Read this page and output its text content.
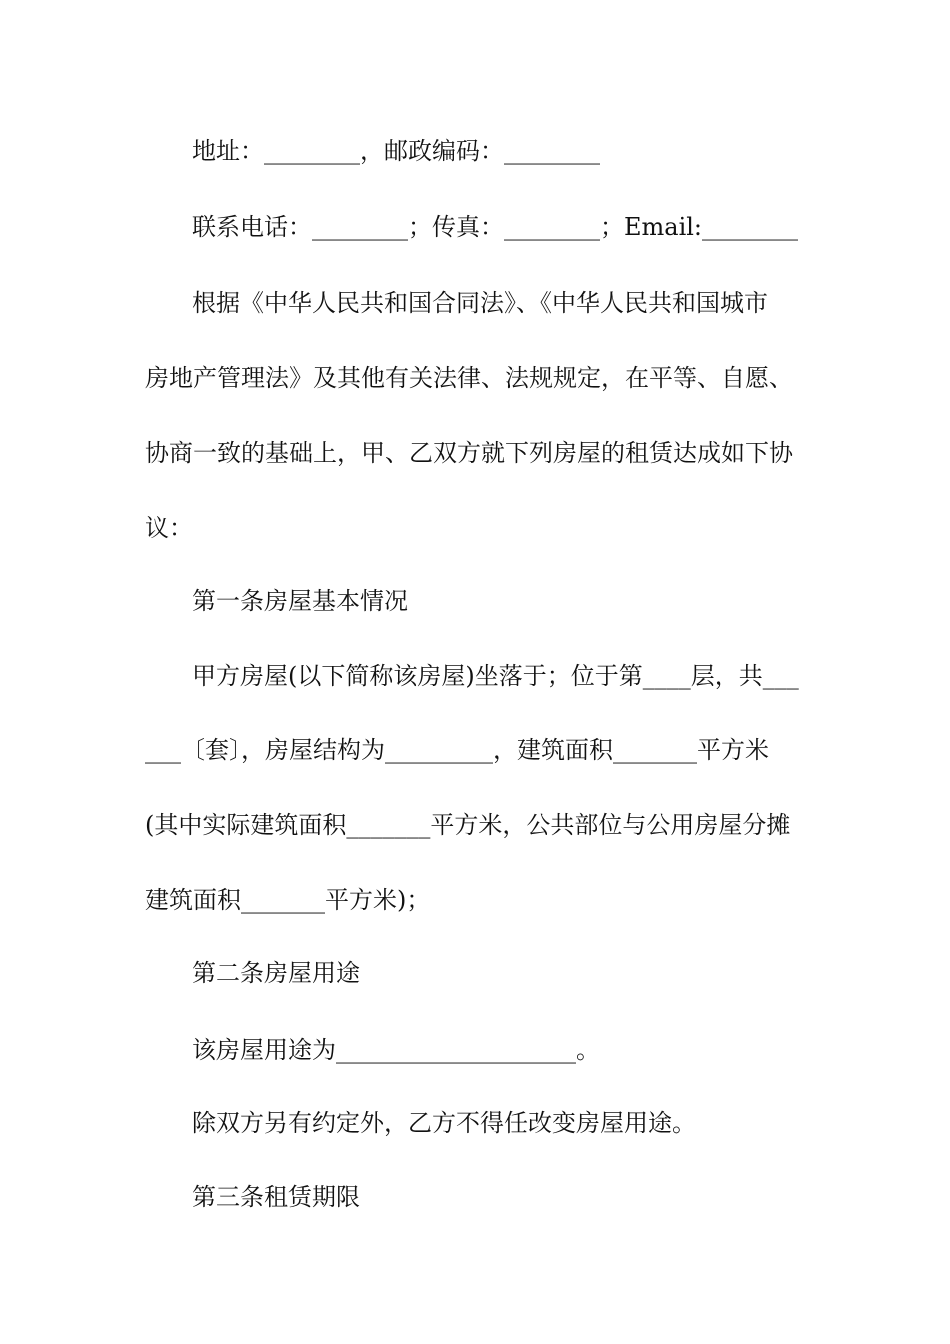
地址：________，邮政编码：________
联系电话：________；传真：________；Email:________
根据《中华人民共和国合同法》、《中华人民共和国城市
房地产管理法》及其他有关法律、法规规定，在平等、自愿、
协商一致的基础上，甲、乙双方就下列房屋的租赁达成如下协
议：
第一条房屋基本情况
甲方房屋(以下简称该房屋)坐落于；位于第____层，共___
___〔套〕，房屋结构为_________，建筑面积_______平方米
(其中实际建筑面积_______平方米，公共部位与公用房屋分摊
建筑面积_______平方米)；
第二条房屋用途
该房屋用途为____________________。
除双方另有约定外，乙方不得任改变房屋用途。
第三条租赁期限
